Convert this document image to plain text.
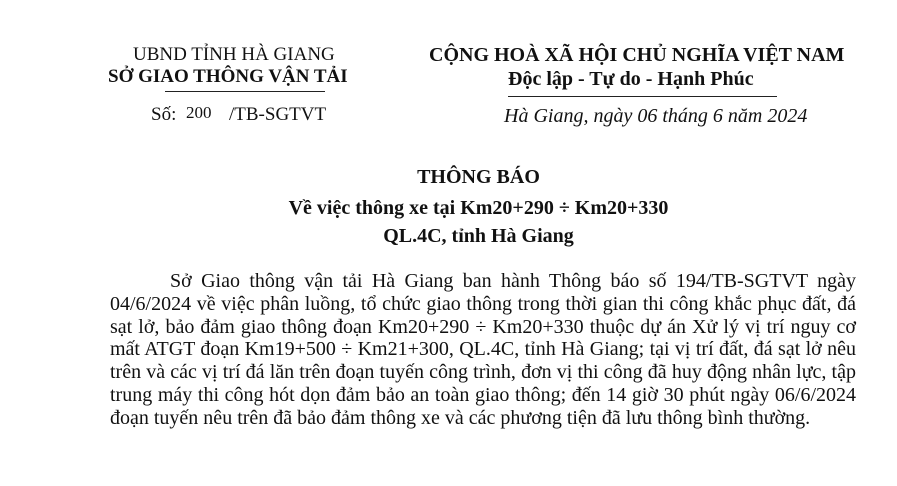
UBND TỈNH HÀ GIANG
SỞ GIAO THÔNG VẬN TẢI
Số: 200 /TB-SGTVT
CỘNG HOÀ XÃ HỘI CHỦ NGHĨA VIỆT NAM
Độc lập - Tự do - Hạnh Phúc
Hà Giang, ngày 06 tháng 6 năm 2024
THÔNG BÁO
Về việc thông xe tại Km20+290 ÷ Km20+330
QL.4C, tỉnh Hà Giang

Sở Giao thông vận tải Hà Giang ban hành Thông báo số 194/TB-SGTVT ngày 04/6/2024 về việc phân luồng, tổ chức giao thông trong thời gian thi công khắc phục đất, đá sạt lở, bảo đảm giao thông đoạn Km20+290 ÷ Km20+330 thuộc dự án Xử lý vị trí nguy cơ mất ATGT đoạn Km19+500 ÷ Km21+300, QL.4C, tỉnh Hà Giang; tại vị trí đất, đá sạt lở nêu trên và các vị trí đá lăn trên đoạn tuyến công trình, đơn vị thi công đã huy động nhân lực, tập trung máy thi công hót dọn đảm bảo an toàn giao thông; đến 14 giờ 30 phút ngày 06/6/2024 đoạn tuyến nêu trên đã bảo đảm thông xe và các phương tiện đã lưu thông bình thường.
